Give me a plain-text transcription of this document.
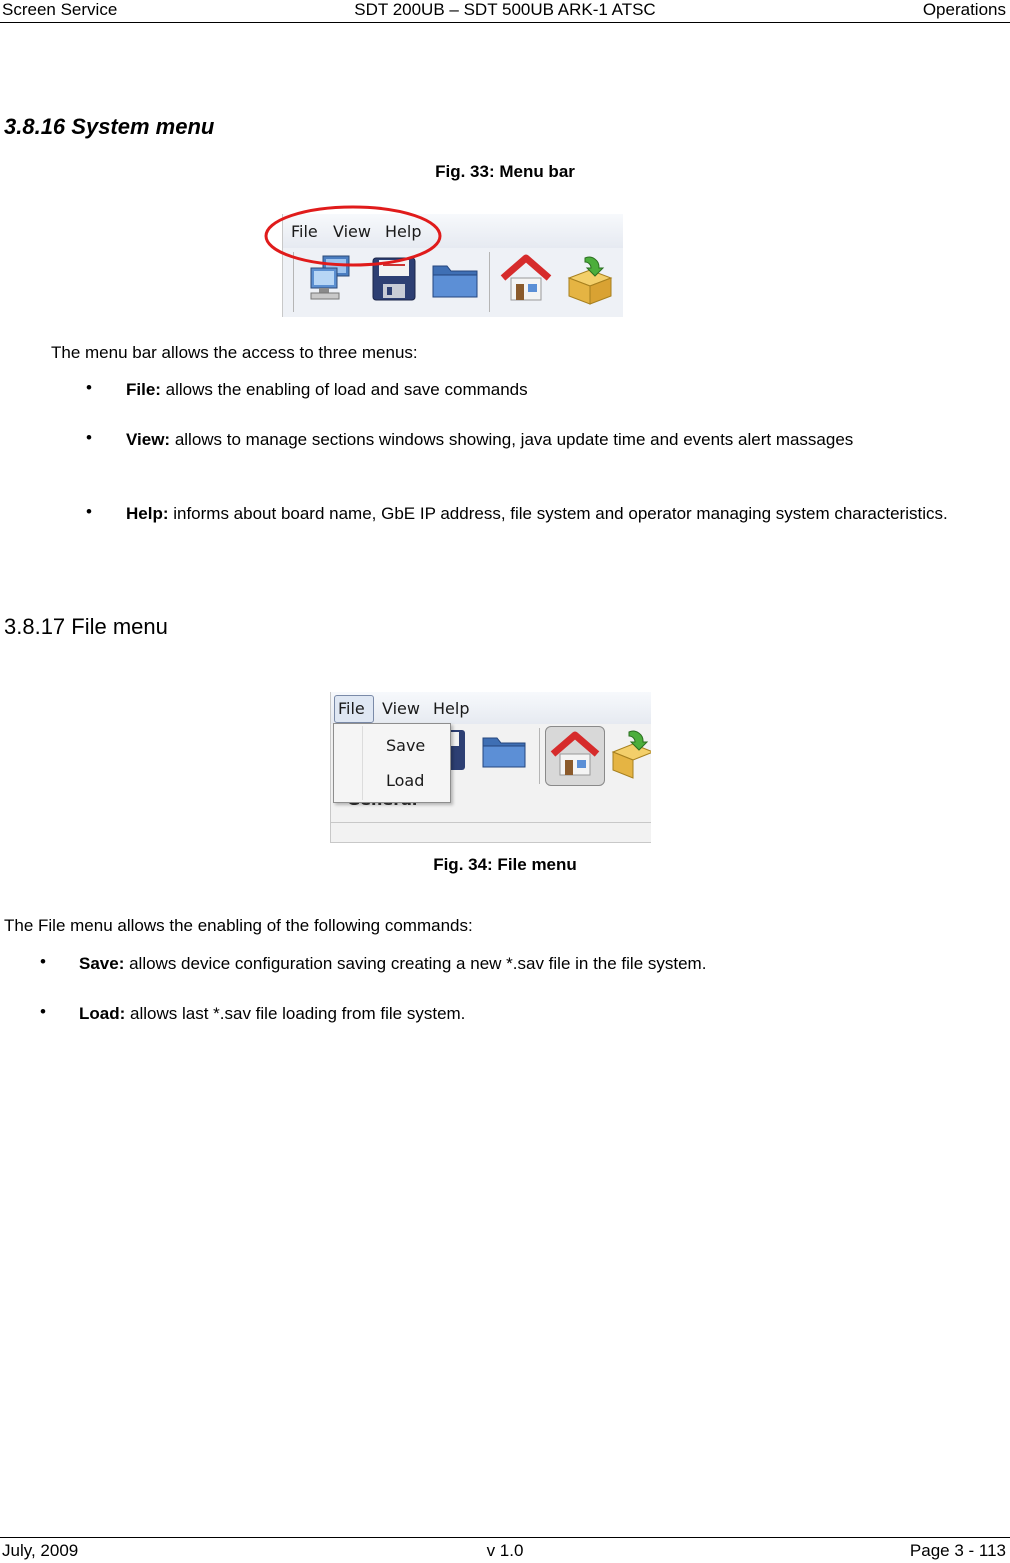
Screen Service	SDT 200UB – SDT 500UB ARK-1 ATSC	Operations
3.8.16 System menu
Fig. 33: Menu bar
File View Help
The menu bar allows the access to three menus:
• File: allows the enabling of load and save commands
• View: allows to manage sections windows showing, java update time and events alert massages
• Help: informs about board name, GbE IP address, file system and operator managing system characteristics.
3.8.17 File menu
File View Help
Save
Load
Fig. 34: File menu
The File menu allows the enabling of the following commands:
• Save: allows device configuration saving creating a new *.sav file in the file system.
• Load: allows last *.sav file loading from file system.
July, 2009	v 1.0	Page 3 - 113
